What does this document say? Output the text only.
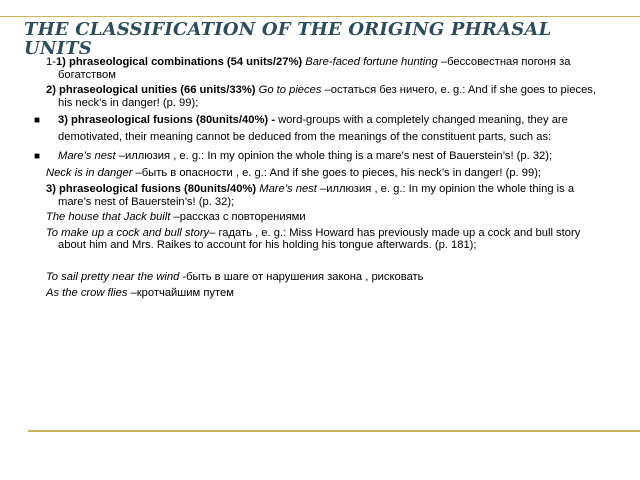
THE CLASSIFICATION OF THE ORIGING PHRASAL UNITS

1-1) phraseological combinations (54 units/27%) Bare-faced fortune hunting –бессовестная погоня за богатством

2) phraseological unities (66 units/33%) Go to pieces –остаться без ничего, e. g.: And if she goes to pieces, his neck’s in danger! (p. 99);

■ 3) phraseological fusions (80units/40%) - word-groups with a completely changed meaning, they are demotivated, their meaning cannot be deduced from the meanings of the constituent parts, such as:

■ Mare’s nest –иллюзия , e. g.: In my opinion the whole thing is a mare’s nest of Bauerstein’s! (p. 32);

Neck is in danger –быть в опасности , e. g.: And if she goes to pieces, his neck’s in danger! (p. 99);

3) phraseological fusions (80units/40%) Mare’s nest –иллюзия , e. g.: In my opinion the whole thing is a mare’s nest of Bauerstein’s! (p. 32);

The house that Jack built –рассказ с повторениями

To make up a cock and bull story– гадать , e. g.: Miss Howard has previously made up a cock and bull story about him and Mrs. Raikes to account for his holding his tongue afterwards. (p. 181);

To sail pretty near the wind -быть в шаге от нарушения закона , рисковать

As the crow flies –кротчайшим путем
